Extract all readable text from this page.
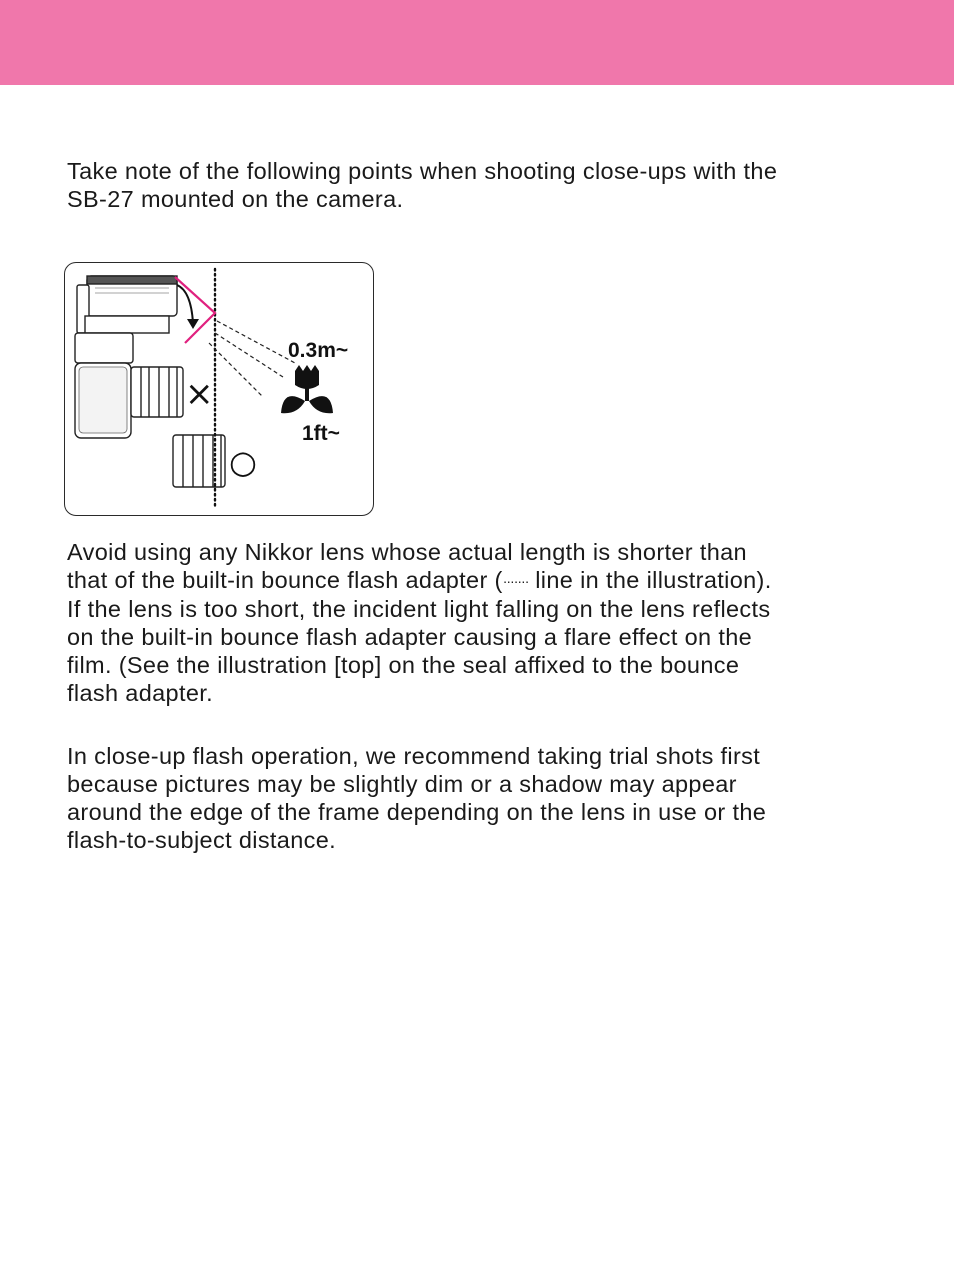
Take note of the following points when shooting close-ups with the
SB-27 mounted on the camera.

×
○
0.3m~
1ft~

Avoid using any Nikkor lens whose actual length is shorter than
that of the built-in bounce flash adapter (······· line in the illustration).
If the lens is too short, the incident light falling on the lens reflects
on the built-in bounce flash adapter causing a flare effect on the
film. (See the illustration [top] on the seal affixed to the bounce
flash adapter.

In close-up flash operation, we recommend taking trial shots first
because pictures may be slightly dim or a shadow may appear
around the edge of the frame depending on the lens in use or the
flash-to-subject distance.
